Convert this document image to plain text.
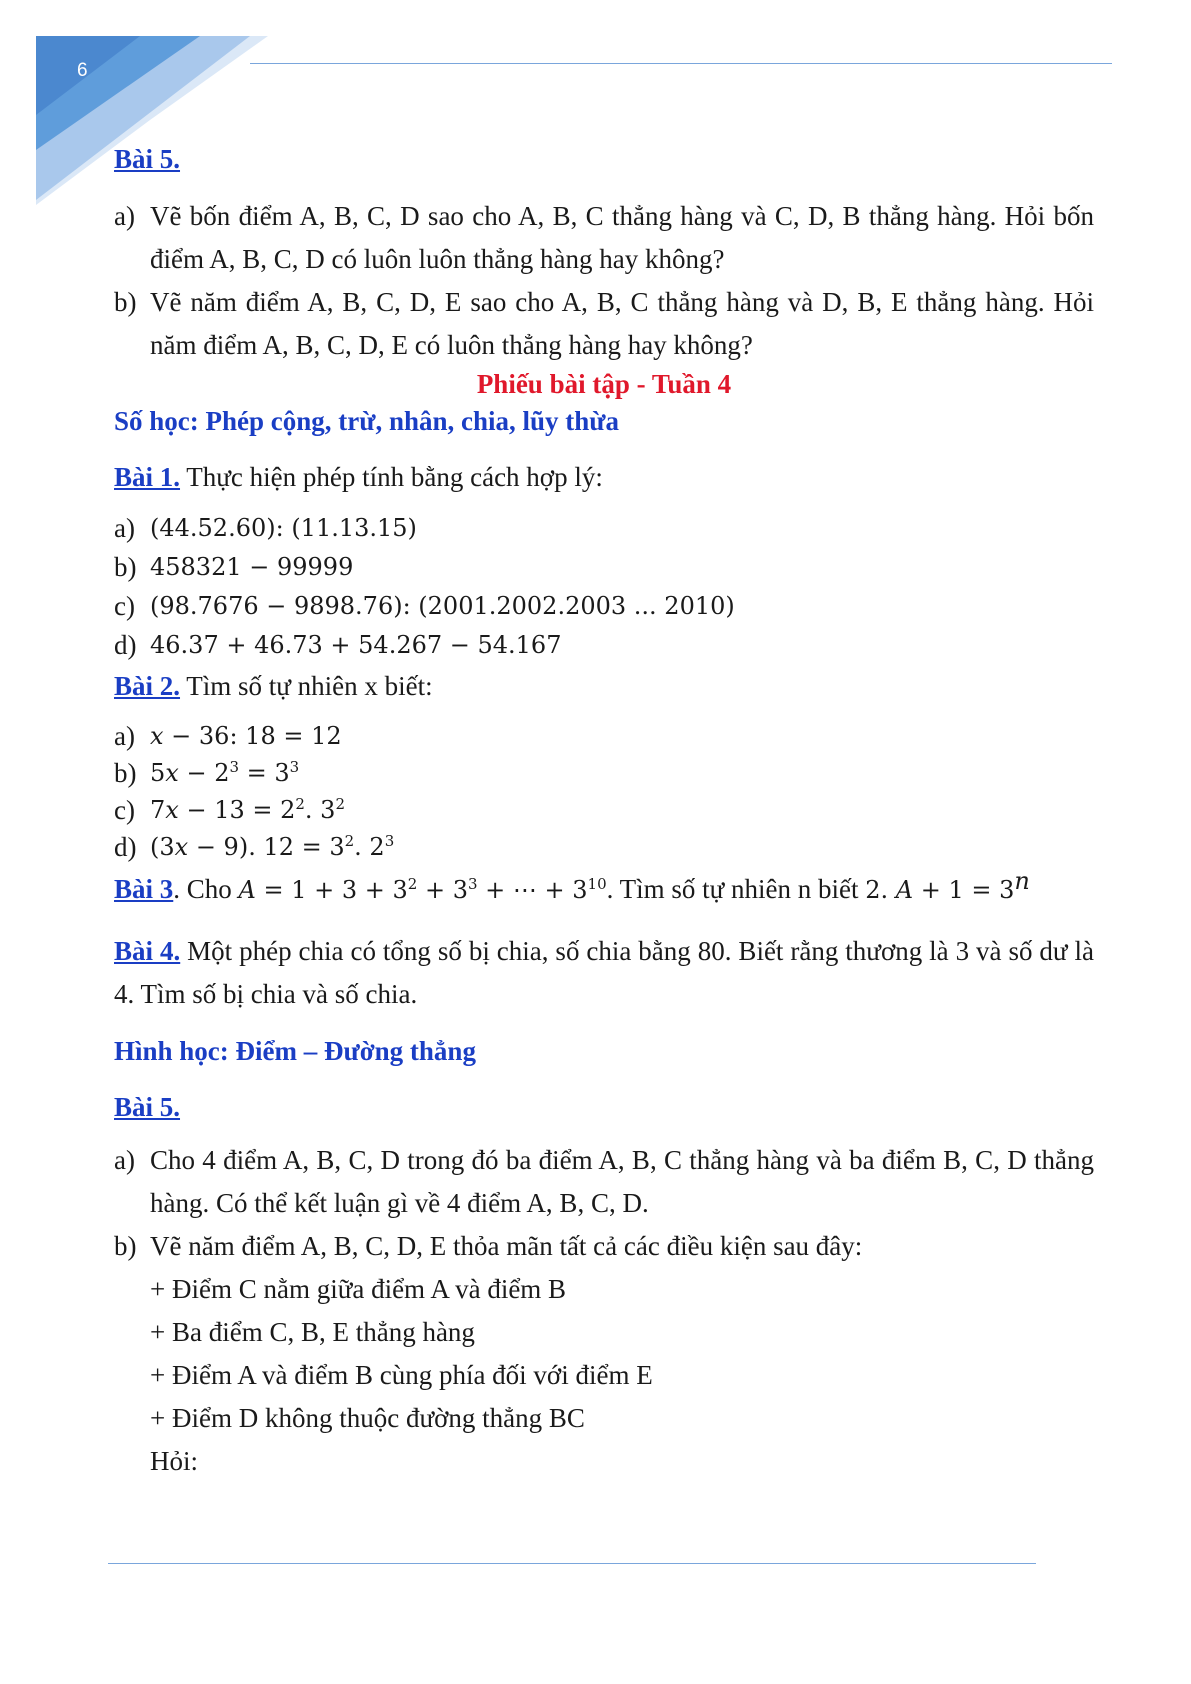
6
Bài 5.
a) Vẽ bốn điểm A, B, C, D sao cho A, B, C thẳng hàng và C, D, B thẳng hàng. Hỏi bốn điểm A, B, C, D có luôn luôn thẳng hàng hay không?
b) Vẽ năm điểm A, B, C, D, E sao cho A, B, C thẳng hàng và D, B, E thẳng hàng. Hỏi năm điểm A, B, C, D, E có luôn thẳng hàng hay không?
Phiếu bài tập - Tuần 4
Số học: Phép cộng, trừ, nhân, chia, lũy thừa
Bài 1. Thực hiện phép tính bằng cách hợp lý:
a) (44.52.60): (11.13.15)
b) 458321 − 99999
c) (98.7676 − 9898.76): (2001.2002.2003 ... 2010)
d) 46.37 + 46.73 + 54.267 − 54.167
Bài 2. Tìm số tự nhiên x biết:
a) x − 36: 18 = 12
b) $5x - 2^3 = 3^3$
c) $7x - 13 = 2^2$. $3^2$
d) (3x − 9). $12 = 3^2$. $2^3$
Bài 3. Cho $A = 1 + 3 + 3^2 + 3^3$ + ⋯ + $3^{10}$. Tìm số tự nhiên n biết 2. $A + 1 = 3^n$
Bài 4. Một phép chia có tổng số bị chia, số chia bằng 80. Biết rằng thương là 3 và số dư là 4. Tìm số bị chia và số chia.
Hình học: Điểm – Đường thẳng
Bài 5.
a) Cho 4 điểm A, B, C, D trong đó ba điểm A, B, C thẳng hàng và ba điểm B, C, D thẳng hàng. Có thể kết luận gì về 4 điểm A, B, C, D.
b) Vẽ năm điểm A, B, C, D, E thỏa mãn tất cả các điều kiện sau đây:
+ Điểm C nằm giữa điểm A và điểm B
+ Ba điểm C, B, E thẳng hàng
+ Điểm A và điểm B cùng phía đối với điểm E
+ Điểm D không thuộc đường thẳng BC
Hỏi:
